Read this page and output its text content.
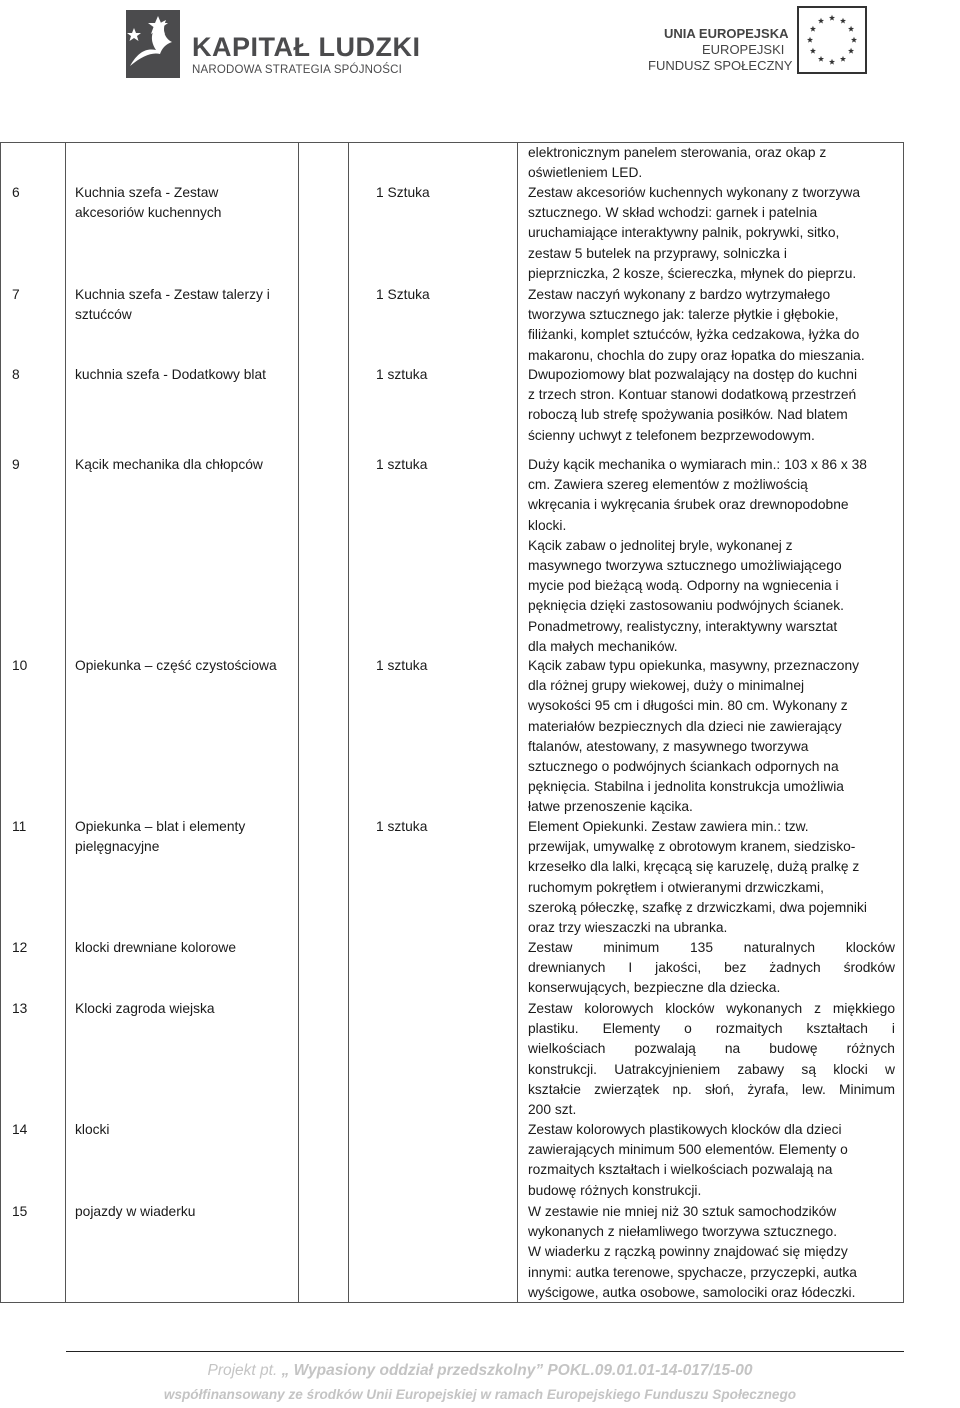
KAPITAŁ LUDZKI
NARODOWA STRATEGIA SPÓJNOŚCI
UNIA EUROPEJSKA
EUROPEJSKI
FUNDUSZ SPOŁECZNY
elektronicznym panelem sterowania, oraz okap z
oświetleniem LED.
6	Kuchnia szefa - Zestaw
akcesoriów kuchennych
1 Sztuka	Zestaw akcesoriów kuchennych wykonany z tworzywa
sztucznego. W skład wchodzi: garnek i patelnia
uruchamiające interaktywny palnik, pokrywki, sitko,
zestaw 5 butelek na przyprawy, solniczka i
pieprzniczka, 2 kosze, ściereczka, młynek do pieprzu.
7	Kuchnia szefa - Zestaw talerzy i
sztućców
1 Sztuka	Zestaw naczyń wykonany z bardzo wytrzymałego
tworzywa sztucznego jak: talerze płytkie i głębokie,
filiżanki, komplet sztućców, łyżka cedzakowa, łyżka do
makaronu, chochla do zupy oraz łopatka do mieszania.
8	kuchnia szefa - Dodatkowy blat	1 sztuka	Dwupoziomowy blat pozwalający na dostęp do kuchni
z trzech stron. Kontuar stanowi dodatkową przestrzeń
roboczą lub strefę spożywania posiłków. Nad blatem
ścienny uchwyt z telefonem bezprzewodowym.
9	Kącik mechanika dla chłopców	1 sztuka	Duży kącik mechanika o wymiarach min.: 103 x 86 x 38
cm. Zawiera szereg elementów z możliwością
wkręcania i wykręcania śrubek oraz drewnopodobne
klocki.
Kącik zabaw o jednolitej bryle, wykonanej z
masywnego tworzywa sztucznego umożliwiającego
mycie pod bieżącą wodą. Odporny na wgniecenia i
pęknięcia dzięki zastosowaniu podwójnych ścianek.
Ponadmetrowy, realistyczny, interaktywny warsztat
dla małych mechaników.
10	Opiekunka – część czystościowa	1 sztuka	Kącik zabaw typu opiekunka, masywny, przeznaczony
dla różnej grupy wiekowej, duży o minimalnej
wysokości 95 cm i długości min. 80 cm. Wykonany z
materiałów bezpiecznych dla dzieci nie zawierający
ftalanów, atestowany, z masywnego tworzywa
sztucznego o podwójnych ściankach odpornych na
pęknięcia. Stabilna i jednolita konstrukcja umożliwia
łatwe przenoszenie kącika.
11	Opiekunka – blat i elementy
pielęgnacyjne
1 sztuka	Element Opiekunki. Zestaw zawiera min.: tzw.
przewijak, umywalkę z obrotowym kranem, siedzisko-
krzesełko dla lalki, kręcącą się karuzelę, dużą pralkę z
ruchomym pokrętłem i otwieranymi drzwiczkami,
szeroką półeczkę, szafkę z drzwiczkami, dwa pojemniki
oraz trzy wieszaczki na ubranka.
12	klocki drewniane kolorowe	Zestaw minimum 135 naturalnych klocków
drewnianych I jakości, bez żadnych środków
konserwujących, bezpieczne dla dziecka.
13	Klocki zagroda wiejska	Zestaw kolorowych klocków wykonanych z miękkiego
plastiku. Elementy o rozmaitych kształtach i
wielkościach pozwalają na budowę różnych
konstrukcji. Uatrakcyjnieniem zabawy są klocki w
kształcie zwierzątek np. słoń, żyrafa, lew. Minimum
200 szt.
14	klocki	Zestaw kolorowych plastikowych klocków dla dzieci
zawierających minimum 500 elementów. Elementy o
rozmaitych kształtach i wielkościach pozwalają na
budowę różnych konstrukcji.
15	pojazdy w wiaderku	W zestawie nie mniej niż 30 sztuk samochodzików
wykonanych z niełamliwego tworzywa sztucznego.
W wiaderku z rączką powinny znajdować się między
innymi: autka terenowe, spychacze, przyczepki, autka
wyścigowe, autka osobowe, samolociki oraz łódeczki.
Projekt pt. „ Wypasiony oddział przedszkolny” POKL.09.01.01-14-017/15-00
współfinansowany ze środków Unii Europejskiej w ramach Europejskiego Funduszu Społecznego
